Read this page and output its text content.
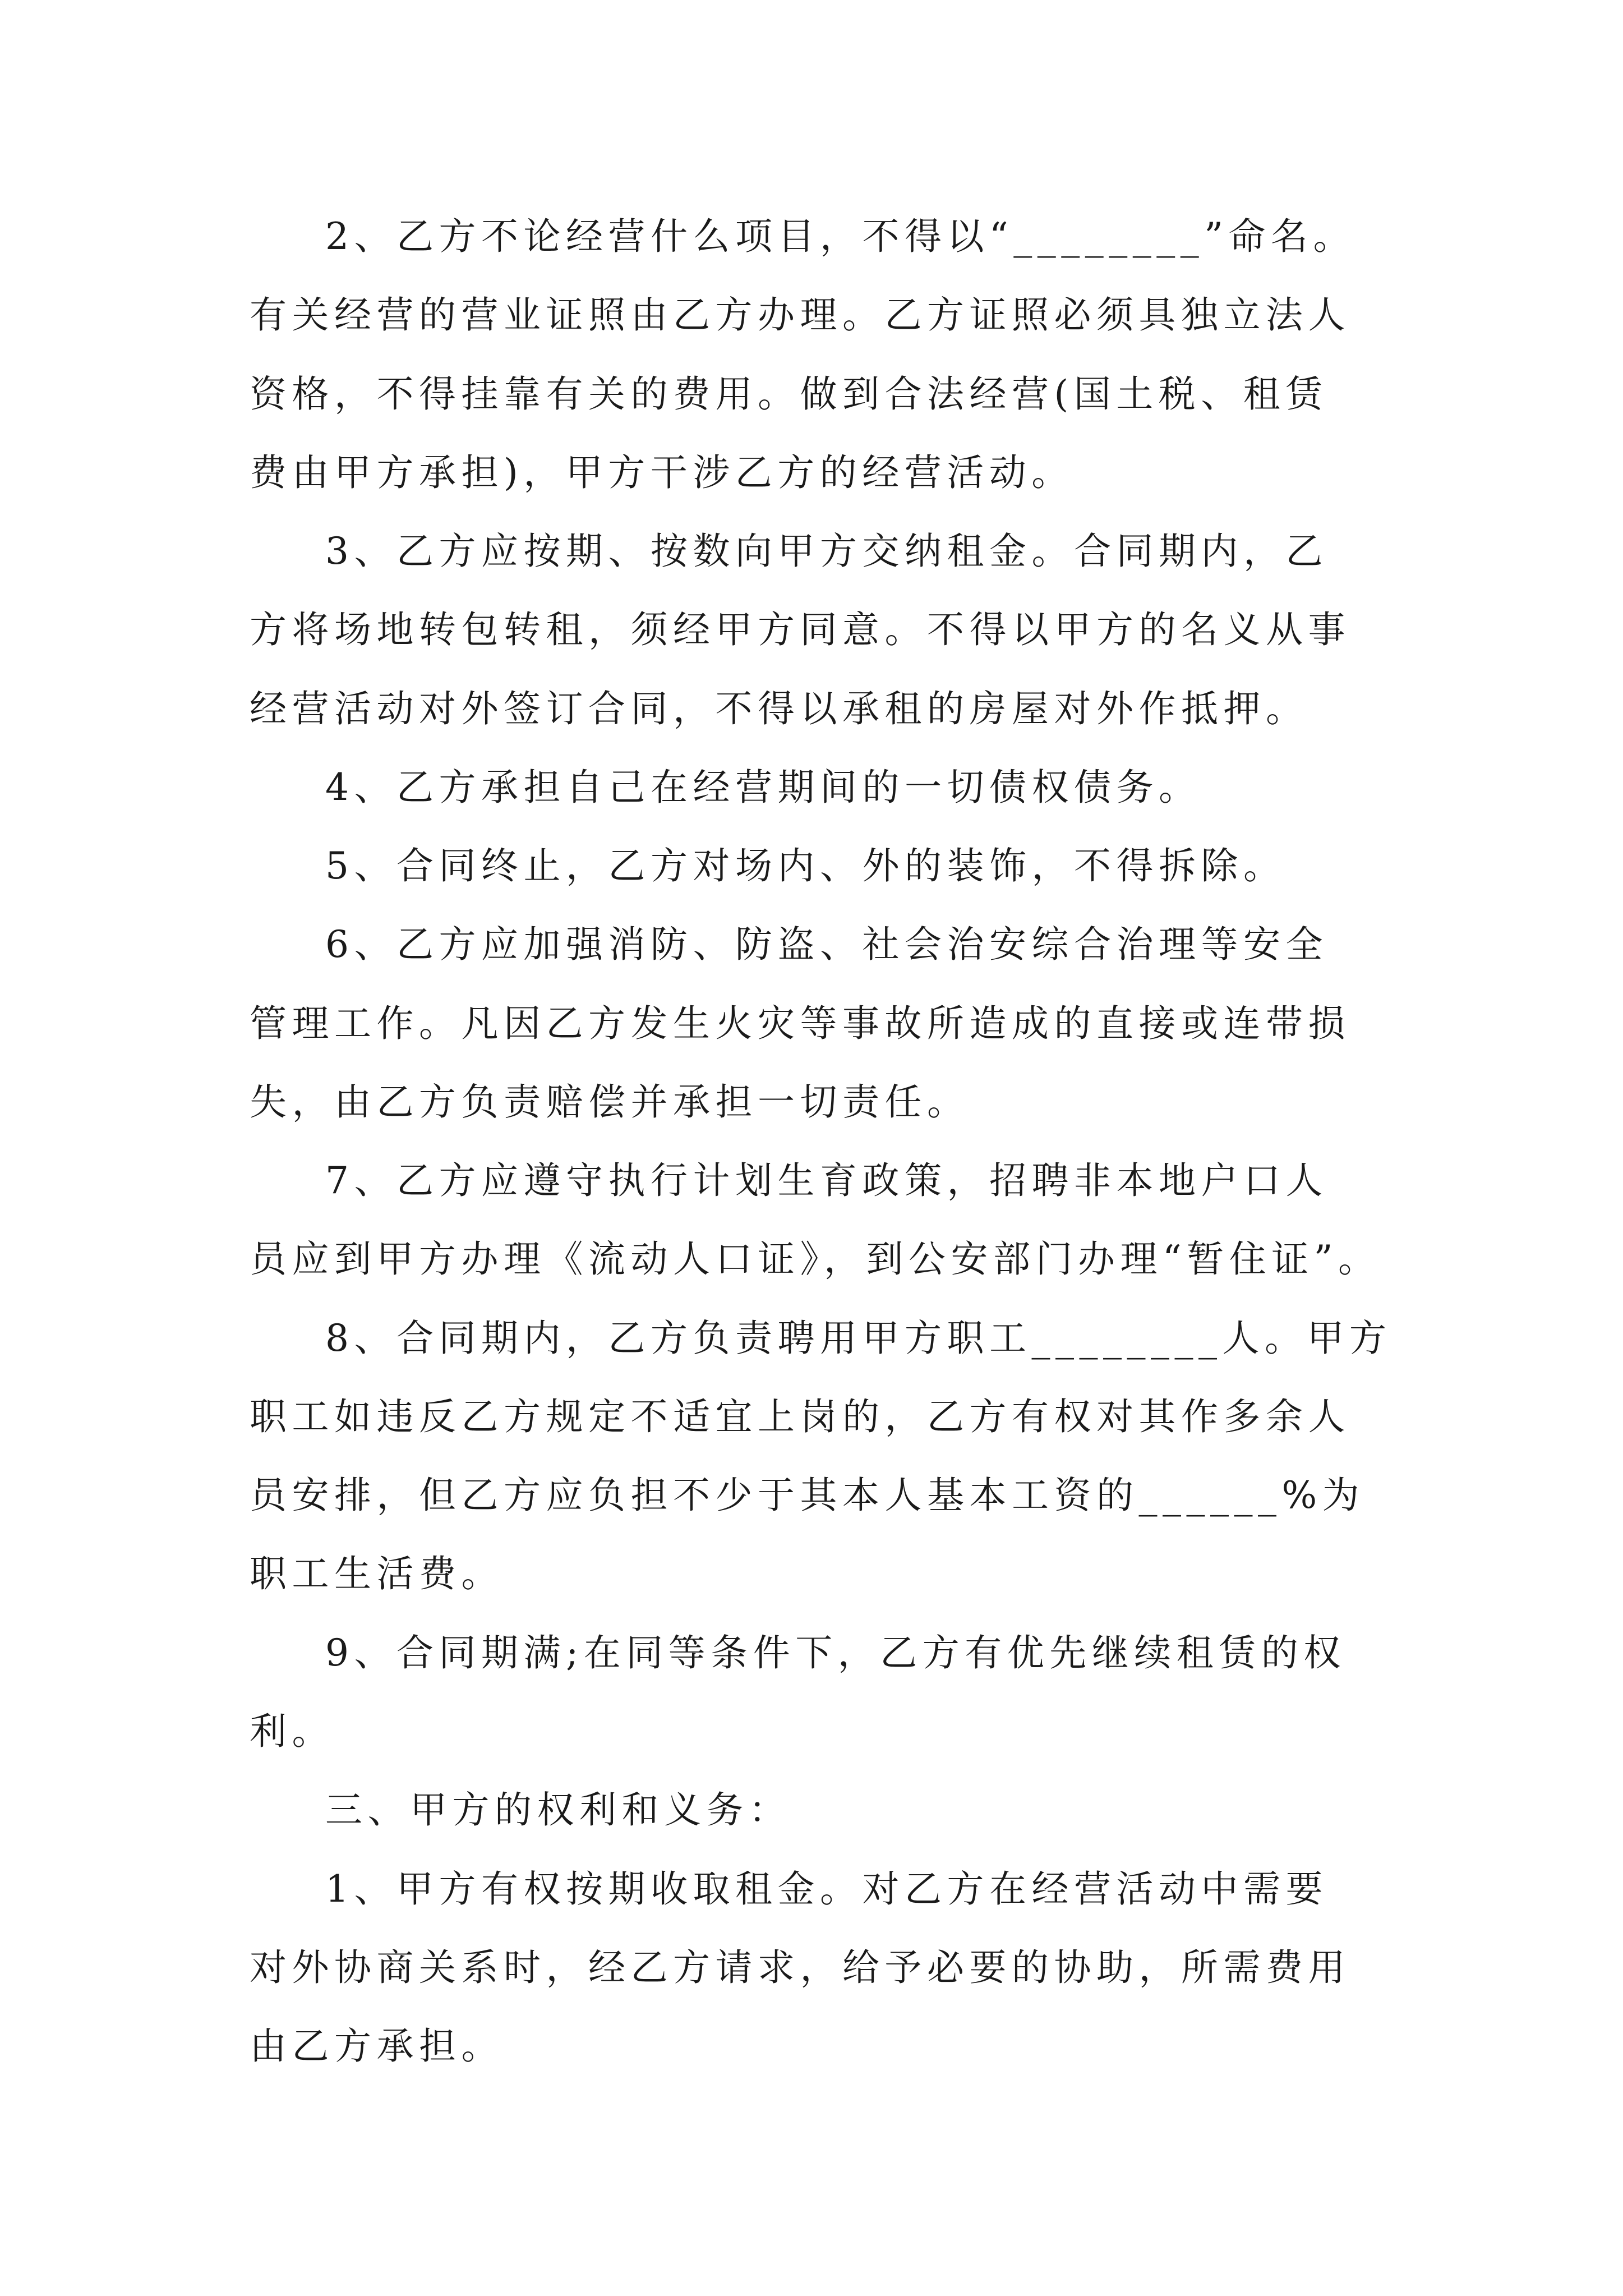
2、乙方不论经营什么项目，不得以“________”命名。
有关经营的营业证照由乙方办理。乙方证照必须具独立法人
资格，不得挂靠有关的费用。做到合法经营(国土税、租赁
费由甲方承担)，甲方干涉乙方的经营活动。
3、乙方应按期、按数向甲方交纳租金。合同期内，乙
方将场地转包转租，须经甲方同意。不得以甲方的名义从事
经营活动对外签订合同，不得以承租的房屋对外作抵押。
4、乙方承担自己在经营期间的一切债权债务。
5、合同终止，乙方对场内、外的装饰，不得拆除。
6、乙方应加强消防、防盗、社会治安综合治理等安全
管理工作。凡因乙方发生火灾等事故所造成的直接或连带损
失，由乙方负责赔偿并承担一切责任。
7、乙方应遵守执行计划生育政策，招聘非本地户口人
员应到甲方办理《流动人口证》，到公安部门办理“暂住证”。
8、合同期内，乙方负责聘用甲方职工________人。甲方
职工如违反乙方规定不适宜上岗的，乙方有权对其作多余人
员安排，但乙方应负担不少于其本人基本工资的______%为
职工生活费。
9、合同期满;在同等条件下，乙方有优先继续租赁的权
利。
三、甲方的权利和义务：
1、甲方有权按期收取租金。对乙方在经营活动中需要
对外协商关系时，经乙方请求，给予必要的协助，所需费用
由乙方承担。
